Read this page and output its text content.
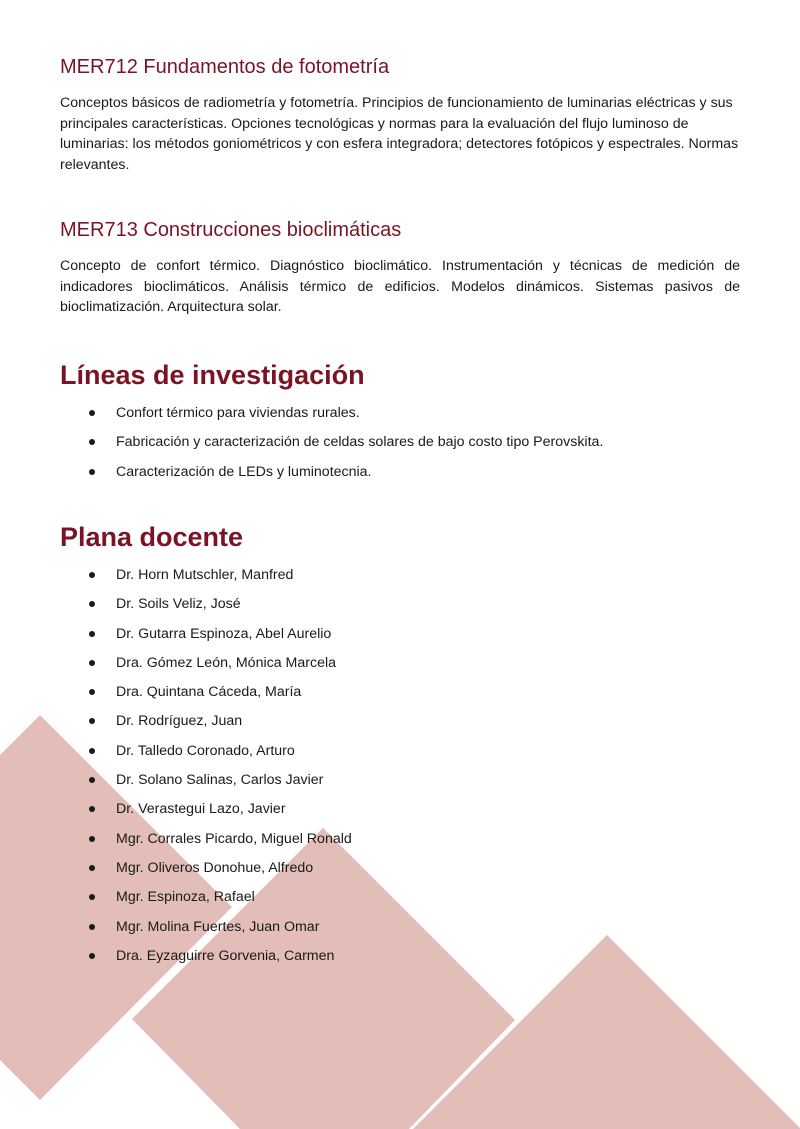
MER712 Fundamentos de fotometría

Conceptos básicos de radiometría y fotometría. Principios de funcionamiento de luminarias eléctricas y sus principales características. Opciones tecnológicas y normas para la evaluación del flujo luminoso de luminarias: los métodos goniométricos y con esfera integradora; detectores fotópicos y espectrales. Normas relevantes.

MER713 Construcciones bioclimáticas

Concepto de confort térmico. Diagnóstico bioclimático. Instrumentación y técnicas de medición de indicadores bioclimáticos. Análisis térmico de edificios. Modelos dinámicos. Sistemas pasivos de bioclimatización. Arquitectura solar.

Líneas de investigación
Confort térmico para viviendas rurales.
Fabricación y caracterización de celdas solares de bajo costo tipo Perovskita.
Caracterización de LEDs y luminotecnia.
Plana docente
Dr. Horn Mutschler, Manfred
Dr. Soils Veliz, José
Dr. Gutarra Espinoza, Abel Aurelio
Dra. Gómez León, Mónica Marcela
Dra. Quintana Cáceda, María
Dr. Rodríguez, Juan
Dr. Talledo Coronado, Arturo
Dr. Solano Salinas, Carlos Javier
Dr. Verastegui Lazo, Javier
Mgr. Corrales Picardo, Miguel Ronald
Mgr. Oliveros Donohue, Alfredo
Mgr. Espinoza, Rafael
Mgr. Molina Fuertes, Juan Omar
Dra. Eyzaguirre Gorvenia, Carmen
